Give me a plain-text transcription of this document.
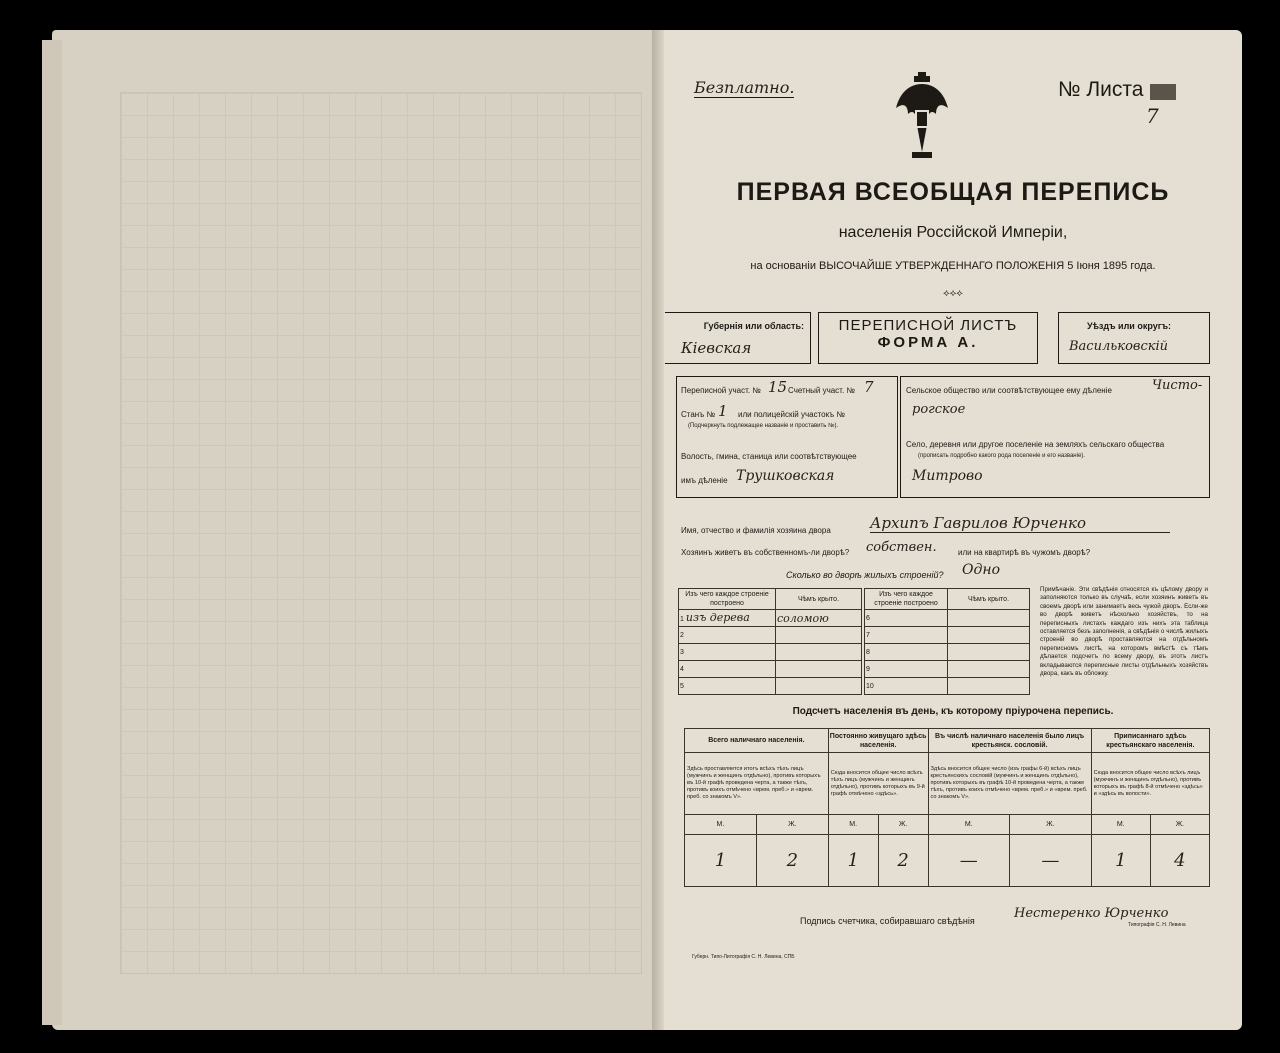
Безплатно.	№ Листа
7
ПЕРВАЯ ВСЕОБЩАЯ ПЕРЕПИСЬ
населенія Россійской Имперіи,
на основаніи ВЫСОЧАЙШЕ УТВЕРЖДЕННАГО ПОЛОЖЕНІЯ 5 Іюня 1895 года.
⟡⟡⟡
Губернія или область:
Кіевская
ПЕРЕПИСНОЙ ЛИСТЪ
ФОРМА А.
Уѣздъ или округъ:
Васильковскій
Переписной участ. № 15 Счетный участ. № 7
Станъ № 1 или полицейскій участокъ №
(Подчеркнуть подлежащее названіе и проставить №).
Волость, гмина, станица или соотвѣтствующее
имъ дѣленіе Трушковская
Сельское общество или соотвѣтствующее ему дѣленіе	Чисто-
рогское
Село, деревня или другое поселеніе на земляхъ сельскаго общества
(прописать подробно какого рода поселеніе и его названіе).
Митрово
Имя, отчество и фамилія хозяина двора	Архипъ Гаврилов Юрченко
Хозяинъ живетъ въ собственномъ-ли дворѣ? собствен.	или на квартирѣ въ чужомъ дворѣ?
Сколько во дворѣ жилыхъ строеній? Одно
Изъ чего каждое строеніе построено	Чѣмъ крыто.
1 изъ дерева	соломою
2	
3	
4	
5	
Изъ чего каждое строеніе построено	Чѣмъ крыто.
6	
7	
8	
9	
10	
Примѣчаніе. Эти свѣдѣнія относятся къ цѣлому двору и заполняются только въ случаѣ, если хозяинъ живетъ въ своемъ дворѣ или занимаетъ весь чужой дворъ. Если-же во дворѣ живетъ нѣсколько хозяйствъ, то на переписныхъ листахъ каждаго изъ нихъ эта таблица оставляется безъ заполненія, а свѣдѣнія о числѣ жилыхъ строеній во дворѣ проставляются на отдѣльномъ переписномъ листѣ, на которомъ вмѣстѣ съ тѣмъ дѣлается подсчетъ по всему двору, въ этотъ листъ вкладываются переписные листы отдѣльныхъ хозяйствъ двора, какъ въ обложку.
Подсчетъ населенія въ день, къ которому пріурочена перепись.
Всего наличнаго населенія.		Постоянно живущаго здѣсь населенія.		Въ числѣ наличнаго населенія было лицъ крестьянск. сословій.		Приписаннаго здѣсь крестьянскаго населенія.	
Здѣсь проставляется итогъ всѣхъ тѣхъ лицъ (мужчинъ и женщинъ отдѣльно), противъ которыхъ въ 10-й графѣ проведена черта, а также тѣхъ, противъ коихъ отмѣчено «врем. преб.» и «врем. преб. со знакомъ V».		Сюда вносится общее число всѣхъ тѣхъ лицъ (мужчинъ и женщинъ отдѣльно), противъ которыхъ въ 9-й графѣ отмѣчено «здѣсь».		Здѣсь вносится общее число (изъ графы 6-й) всѣхъ лицъ крестьянскихъ сословій (мужчинъ и женщинъ отдѣльно), противъ которыхъ въ графѣ 10-й проведена черта, а также тѣхъ, противъ коихъ отмѣчено «врем. преб.» и «врем. преб. со знакомъ V».		Сюда вносится общее число всѣхъ лицъ (мужчинъ и женщинъ отдѣльно), противъ которыхъ въ графѣ 8-й отмѣчено «здѣсь» и «здѣсь въ волости».	
М.	Ж.	М.	Ж.	М.	Ж.	М.	Ж.
1	2	1	2	—	—	1	4
Подпись счетчика, собиравшаго свѣдѣнія	Нестеренко Юрченко
Губерн. Типо-Литографія С. Н. Левина, СПБ
Типографія С. Н. Левина
